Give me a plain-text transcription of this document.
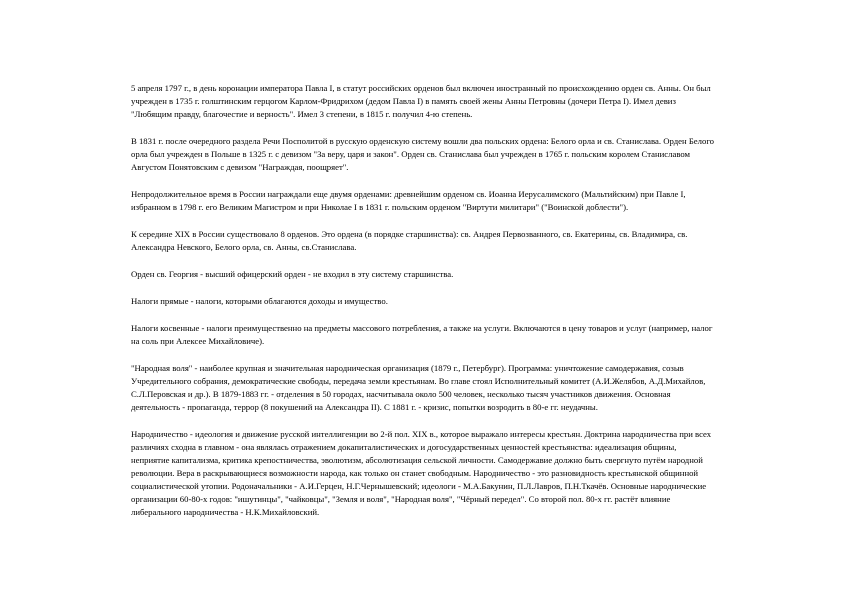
5 апреля 1797 г., в день коронации императора Павла I, в статут российских орденов был включен иностранный по происхождению орден св. Анны. Он был учрежден в 1735 г. голштинским герцогом Карлом-Фридрихом (дедом Павла I) в память своей жены Анны Петровны (дочери Петра I). Имел девиз "Любящим правду, благочестие и верность". Имел 3 степени, в 1815 г. получил 4-ю степень.

В 1831 г. после очередного раздела Речи Посполитой в русскую орденскую систему вошли два польских ордена: Белого орла и св. Станислава. Орден Белого орла был учрежден в Польше в 1325 г. с девизом "За веру, царя и закон". Орден св. Станислава был учрежден в 1765 г. польским королем Станиславом Августом Понятовским с девизом "Награждая, поощряет".

Непродолжительное время в России награждали еще двумя орденами: древнейшим орденом св. Иоанна Иерусалимского (Мальтийским) при Павле I, избранном в 1798 г. его Великим Магистром и при Николае I в 1831 г. польским орденом "Виртути милитари" ("Воинской доблести").

К середине XIX в России существовало 8 орденов. Это ордена (в порядке старшинства): св. Андрея Первозванного, св. Екатерины, св. Владимира, св. Александра Невского, Белого орла, св. Анны, св.Станислава.

Орден св. Георгия - высший офицерский орден - не входил в эту систему старшинства.

Налоги прямые - налоги, которыми облагаются доходы и имущество.

Налоги косвенные - налоги преимущественно на предметы массового потребления, а также на услуги. Включаются в цену товаров и услуг (например, налог на соль при Алексее Михайловиче).

"Народная воля" - наиболее крупная и значительная народническая организация (1879 г., Петербург). Программа: уничтожение самодержавия, созыв Учредительного собрания, демократические свободы, передача земли крестьянам. Во главе стоял Исполнительный комитет (А.И.Желябов, А.Д.Михайлов, С.Л.Перовская и др.). В 1879-1883 гг. - отделения в 50 городах, насчитывала около 500 человек, несколько тысяч участников движения. Основная деятельность - пропаганда, террор (8 покушений на Александра II). С 1881 г. - кризис, попытки возродить в 80-е гг. неудачны.

Народничество - идеология и движение русской интеллигенции во 2-й пол. XIX в., которое выражало интересы крестьян. Доктрина народничества при всех различиях сходна в главном - она являлась отражением докапиталистических и догосударственных ценностей крестьянства: идеализация общины, неприятие капитализма, критика крепостничества, эволютизм, абсолютизация сельской личности. Самодержавие должно быть свергнуто путём народной революции. Вера в раскрывающиеся возможности народа, как только он станет свободным. Народничество - это разновидность крестьянской общинной социалистической утопии. Родоначальники - А.И.Герцен, Н.Г.Чернышевский; идеологи - М.А.Бакунин, П.Л.Лавров, П.Н.Ткачёв. Основные народнические организации 60-80-х годов: "ишутинцы", "чайковцы", "Земля и воля", "Народная воля", "Чёрный передел". Со второй пол. 80-х гг. растёт влияние либерального народничества - Н.К.Михайловский.
